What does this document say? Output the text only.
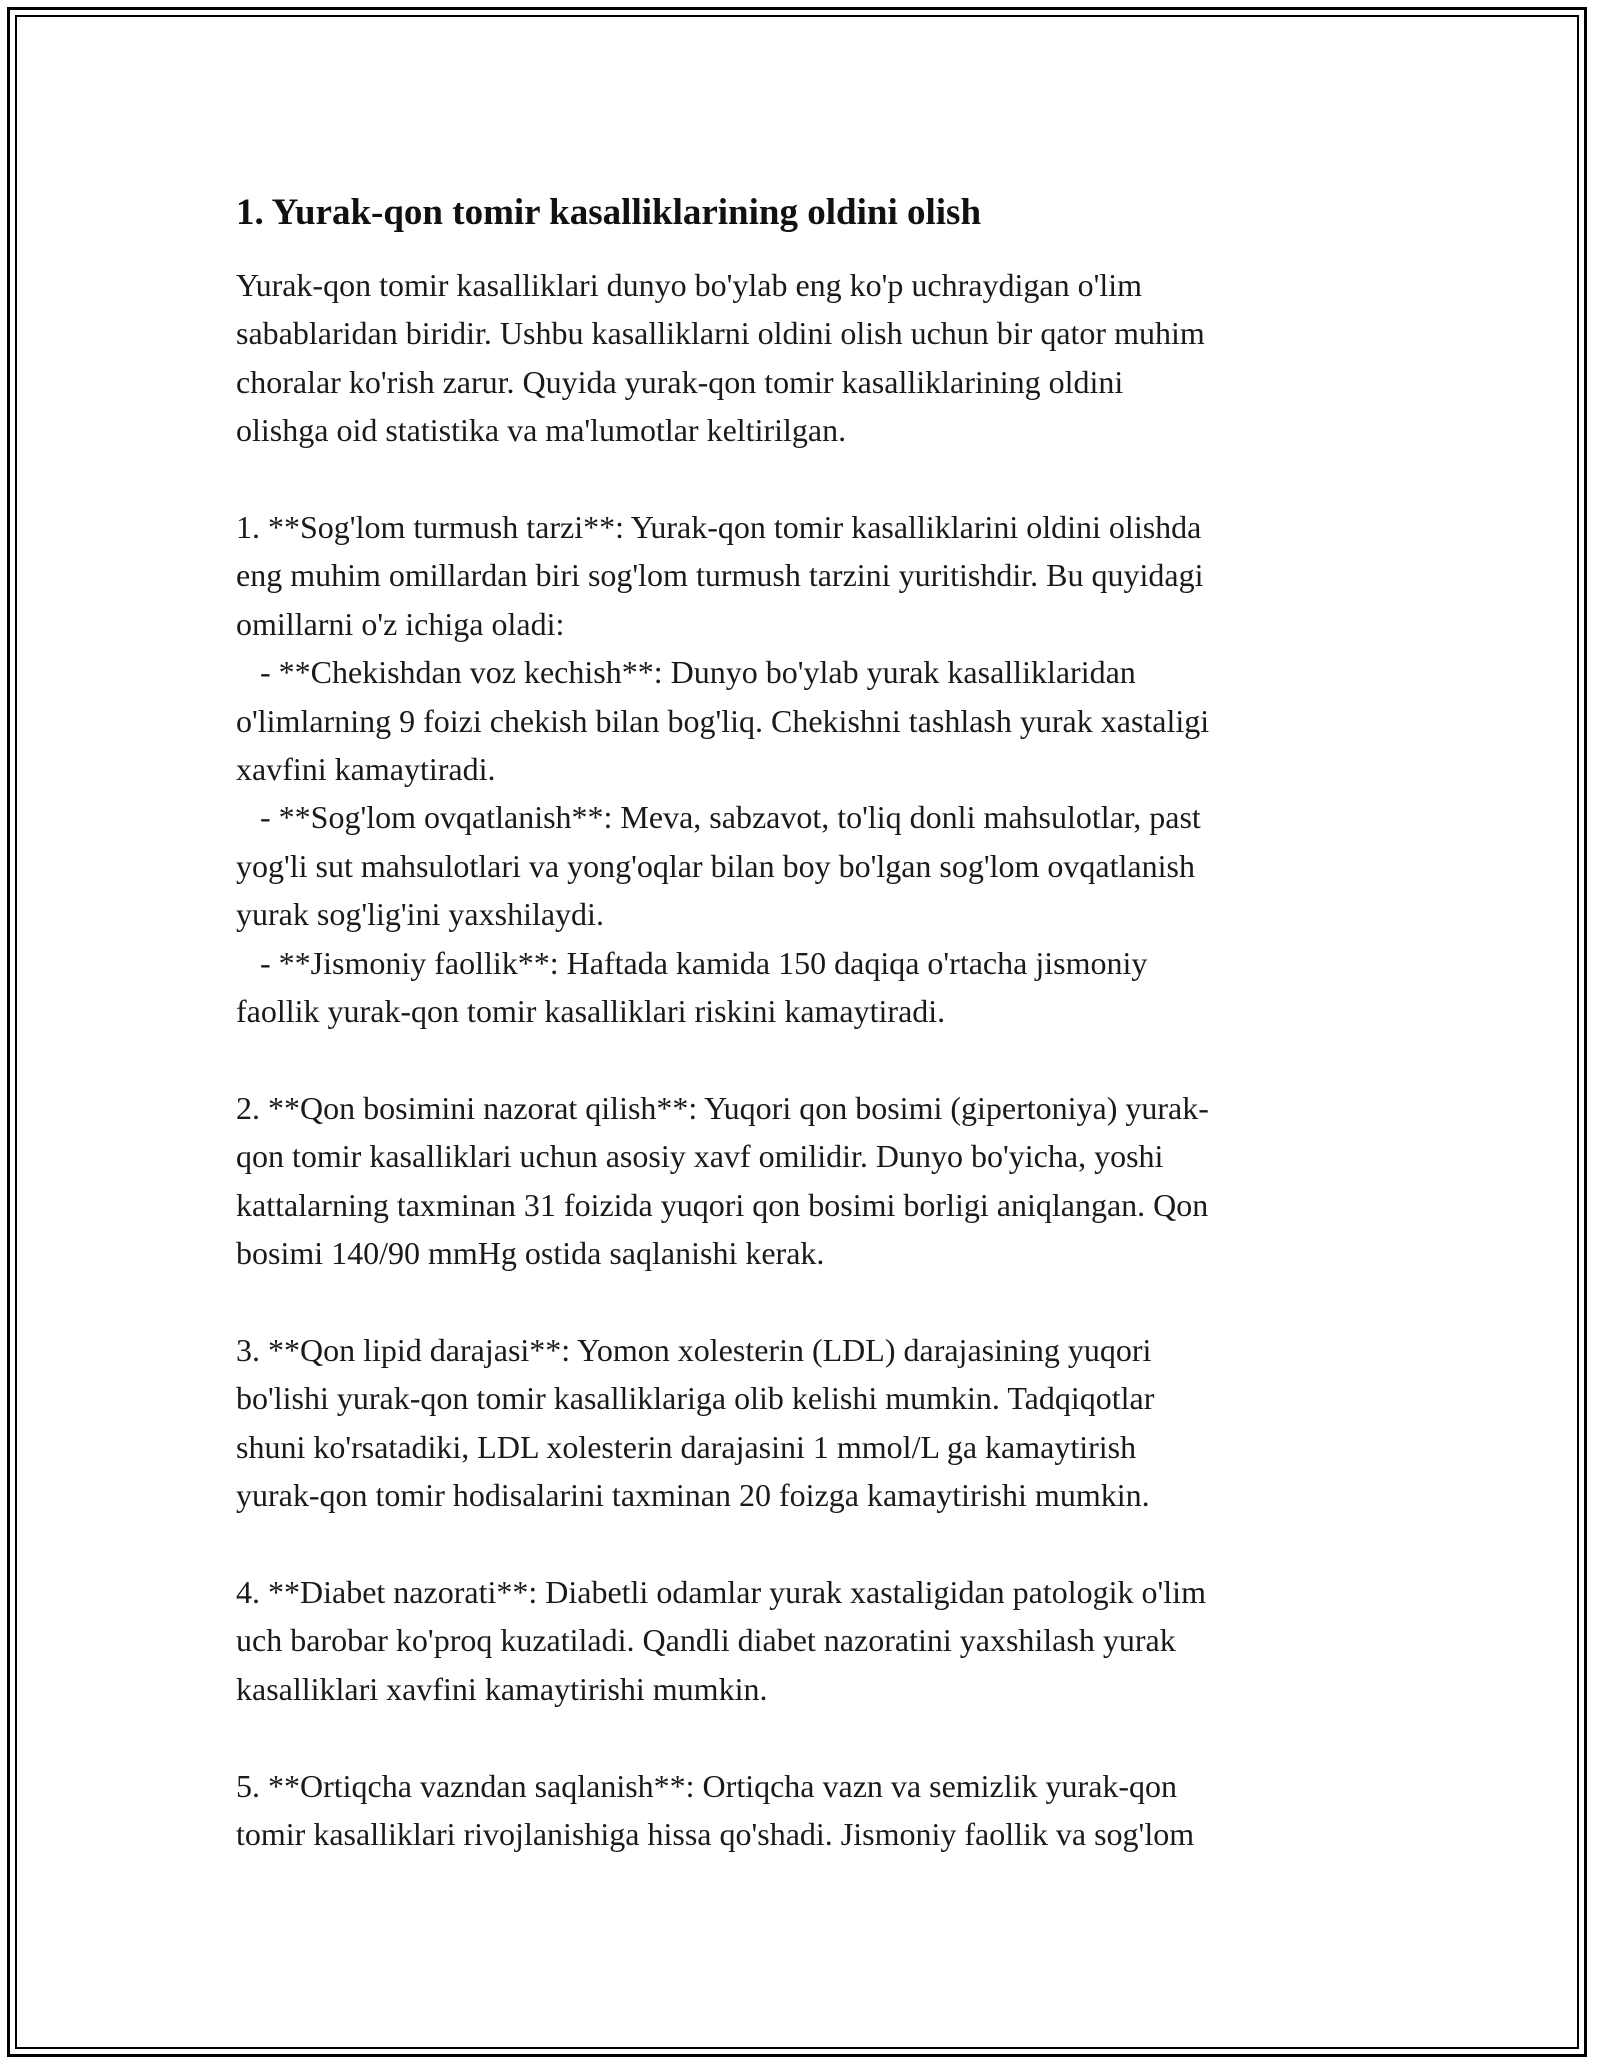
1. Yurak-qon tomir kasalliklarining oldini olish

Yurak-qon tomir kasalliklari dunyo bo'ylab eng ko'p uchraydigan o'lim

sabablaridan biridir. Ushbu kasalliklarni oldini olish uchun bir qator muhim

choralar ko'rish zarur. Quyida yurak-qon tomir kasalliklarining oldini

olishga oid statistika va ma'lumotlar keltirilgan.

1. **Sog'lom turmush tarzi**: Yurak-qon tomir kasalliklarini oldini olishda

eng muhim omillardan biri sog'lom turmush tarzini yuritishdir. Bu quyidagi

omillarni o'z ichiga oladi:

- **Chekishdan voz kechish**: Dunyo bo'ylab yurak kasalliklaridan

o'limlarning 9 foizi chekish bilan bog'liq. Chekishni tashlash yurak xastaligi

xavfini kamaytiradi.

- **Sog'lom ovqatlanish**: Meva, sabzavot, to'liq donli mahsulotlar, past

yog'li sut mahsulotlari va yong'oqlar bilan boy bo'lgan sog'lom ovqatlanish

yurak sog'lig'ini yaxshilaydi.

- **Jismoniy faollik**: Haftada kamida 150 daqiqa o'rtacha jismoniy

faollik yurak-qon tomir kasalliklari riskini kamaytiradi.

2. **Qon bosimini nazorat qilish**: Yuqori qon bosimi (gipertoniya) yurak-

qon tomir kasalliklari uchun asosiy xavf omilidir. Dunyo bo'yicha, yoshi

kattalarning taxminan 31 foizida yuqori qon bosimi borligi aniqlangan. Qon

bosimi 140/90 mmHg ostida saqlanishi kerak.

3. **Qon lipid darajasi**: Yomon xolesterin (LDL) darajasining yuqori

bo'lishi yurak-qon tomir kasalliklariga olib kelishi mumkin. Tadqiqotlar

shuni ko'rsatadiki, LDL xolesterin darajasini 1 mmol/L ga kamaytirish

yurak-qon tomir hodisalarini taxminan 20 foizga kamaytirishi mumkin.

4. **Diabet nazorati**: Diabetli odamlar yurak xastaligidan patologik o'lim

uch barobar ko'proq kuzatiladi. Qandli diabet nazoratini yaxshilash yurak

kasalliklari xavfini kamaytirishi mumkin.

5. **Ortiqcha vazndan saqlanish**: Ortiqcha vazn va semizlik yurak-qon

tomir kasalliklari rivojlanishiga hissa qo'shadi. Jismoniy faollik va sog'lom
